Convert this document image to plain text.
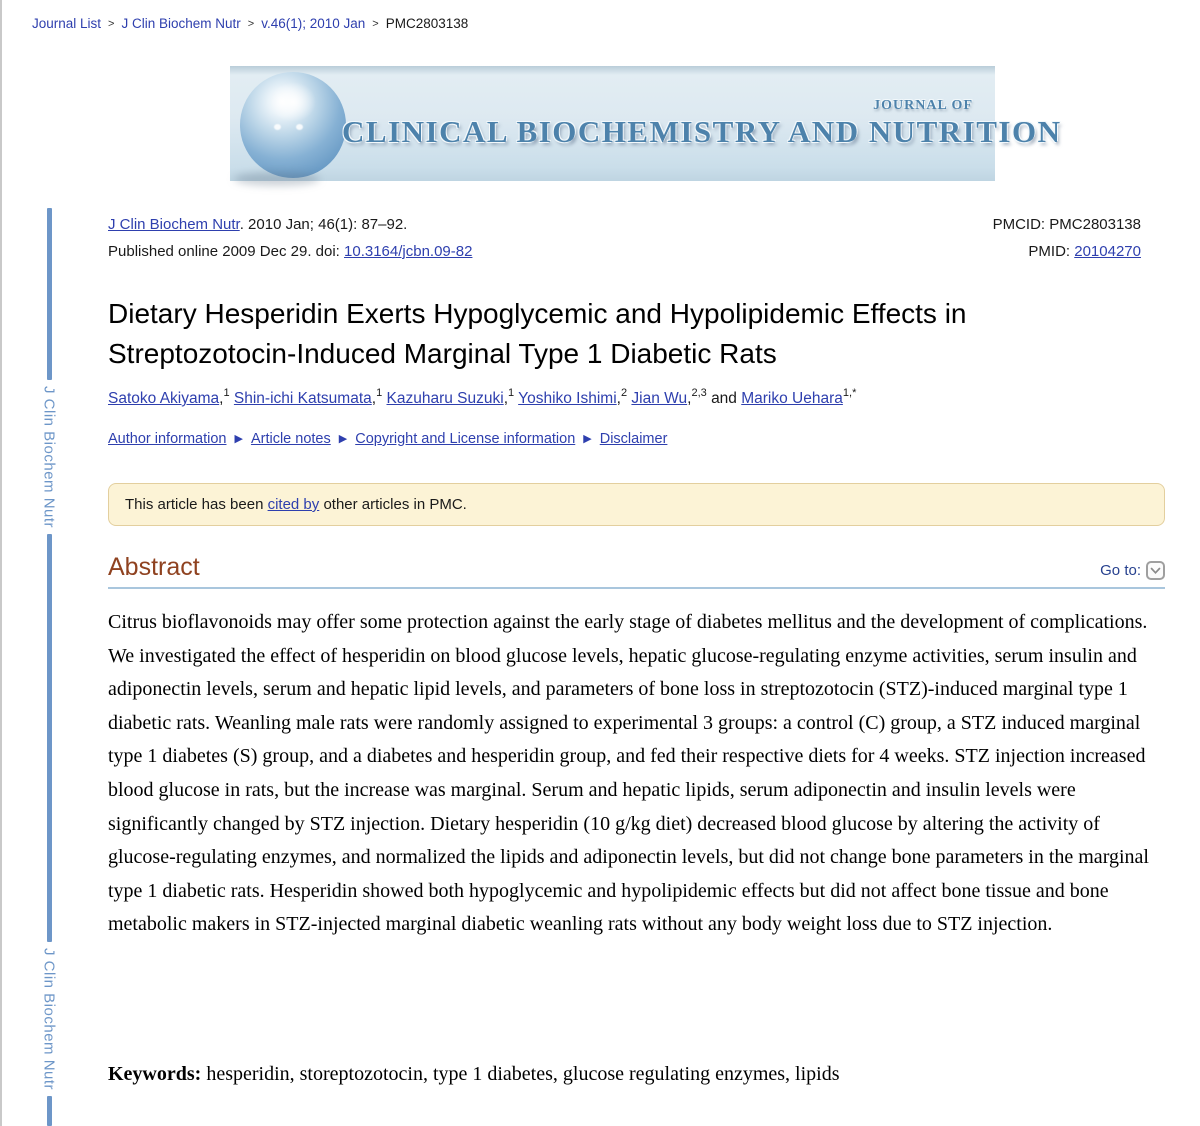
Journal List > J Clin Biochem Nutr > v.46(1); 2010 Jan > PMC2803138
JOURNAL OF
CLINICAL BIOCHEMISTRY AND NUTRITION
J Clin Biochem Nutr
J Clin Biochem Nutr
J Clin Biochem Nutr. 2010 Jan; 46(1): 87–92.
Published online 2009 Dec 29. doi: 10.3164/jcbn.09-82
PMCID: PMC2803138
PMID: 20104270
Dietary Hesperidin Exerts Hypoglycemic and Hypolipidemic Effects in Streptozotocin-Induced Marginal Type 1 Diabetic Rats
Satoko Akiyama,$^1$ Shin-ichi Katsumata,$^1$ Kazuharu Suzuki,$^1$ Yoshiko Ishimi,$^2$ Jian Wu,$^{2,3}$ and Mariko Uehara$^{1,*}$
Author information ▶ Article notes ▶ Copyright and License information ▶ Disclaimer
This article has been cited by other articles in PMC.
Abstract	Go to:

Citrus bioflavonoids may offer some protection against the early stage of diabetes mellitus and the development of complications. We investigated the effect of hesperidin on blood glucose levels, hepatic glucose-regulating enzyme activities, serum insulin and adiponectin levels, serum and hepatic lipid levels, and parameters of bone loss in streptozotocin (STZ)-induced marginal type 1 diabetic rats. Weanling male rats were randomly assigned to experimental 3 groups: a control (C) group, a STZ induced marginal type 1 diabetes (S) group, and a diabetes and hesperidin group, and fed their respective diets for 4 weeks. STZ injection increased blood glucose in rats, but the increase was marginal. Serum and hepatic lipids, serum adiponectin and insulin levels were significantly changed by STZ injection. Dietary hesperidin (10 g/kg diet) decreased blood glucose by altering the activity of glucose-regulating enzymes, and normalized the lipids and adiponectin levels, but did not change bone parameters in the marginal type 1 diabetic rats. Hesperidin showed both hypoglycemic and hypolipidemic effects but did not affect bone tissue and bone metabolic makers in STZ-injected marginal diabetic weanling rats without any body weight loss due to STZ injection.

Keywords: hesperidin, storeptozotocin, type 1 diabetes, glucose regulating enzymes, lipids
